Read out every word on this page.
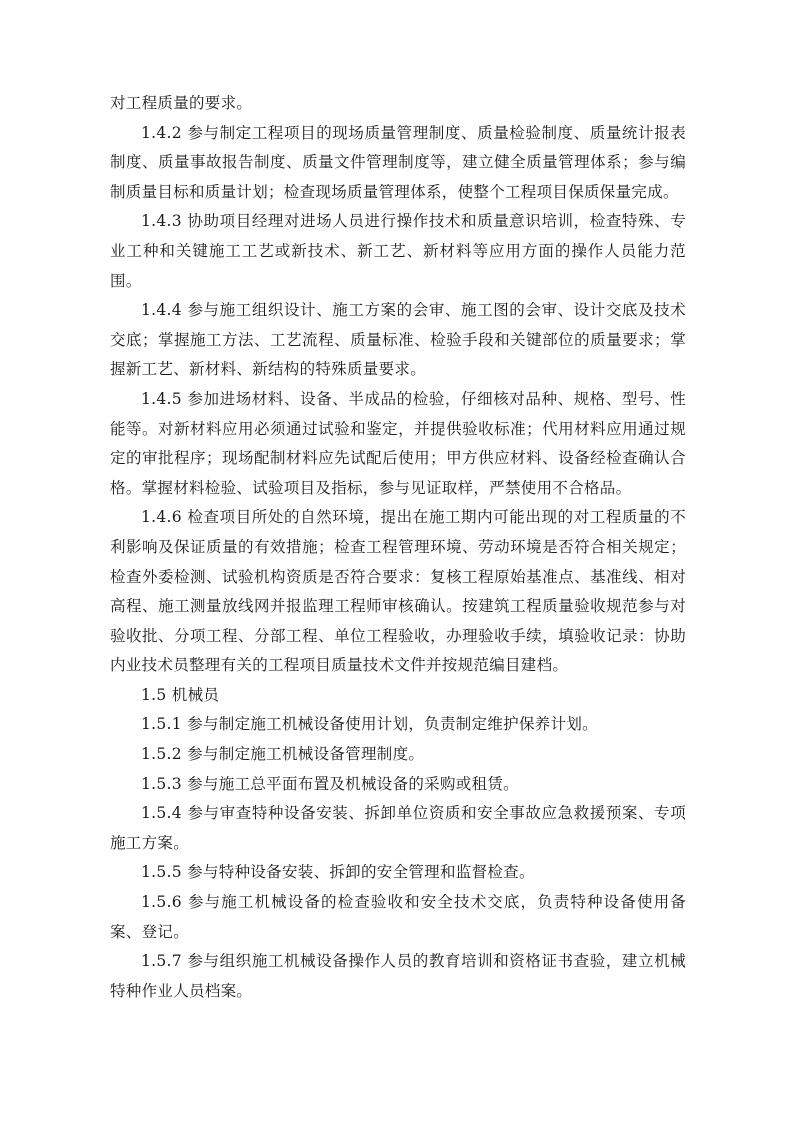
对工程质量的要求。

1.4.2 参与制定工程项目的现场质量管理制度、质量检验制度、质量统计报表制度、质量事故报告制度、质量文件管理制度等，建立健全质量管理体系；参与编制质量目标和质量计划；检查现场质量管理体系，使整个工程项目保质保量完成。

1.4.3 协助项目经理对进场人员进行操作技术和质量意识培训，检查特殊、专业工种和关键施工工艺或新技术、新工艺、新材料等应用方面的操作人员能力范围。

1.4.4 参与施工组织设计、施工方案的会审、施工图的会审、设计交底及技术交底；掌握施工方法、工艺流程、质量标准、检验手段和关键部位的质量要求；掌握新工艺、新材料、新结构的特殊质量要求。

1.4.5 参加进场材料、设备、半成品的检验，仔细核对品种、规格、型号、性能等。对新材料应用必须通过试验和鉴定，并提供验收标准；代用材料应用通过规定的审批程序；现场配制材料应先试配后使用；甲方供应材料、设备经检查确认合格。掌握材料检验、试验项目及指标，参与见证取样，严禁使用不合格品。

1.4.6 检查项目所处的自然环境，提出在施工期内可能出现的对工程质量的不利影响及保证质量的有效措施；检查工程管理环境、劳动环境是否符合相关规定；检查外委检测、试验机构资质是否符合要求：复核工程原始基准点、基准线、相对高程、施工测量放线网并报监理工程师审核确认。按建筑工程质量验收规范参与对验收批、分项工程、分部工程、单位工程验收，办理验收手续，填验收记录：协助内业技术员整理有关的工程项目质量技术文件并按规范编目建档。

1.5 机械员

1.5.1 参与制定施工机械设备使用计划，负责制定维护保养计划。

1.5.2 参与制定施工机械设备管理制度。

1.5.3 参与施工总平面布置及机械设备的采购或租赁。

1.5.4 参与审查特种设备安装、拆卸单位资质和安全事故应急救援预案、专项施工方案。

1.5.5 参与特种设备安装、拆卸的安全管理和监督检查。

1.5.6 参与施工机械设备的检查验收和安全技术交底，负责特种设备使用备案、登记。

1.5.7 参与组织施工机械设备操作人员的教育培训和资格证书查验，建立机械特种作业人员档案。
